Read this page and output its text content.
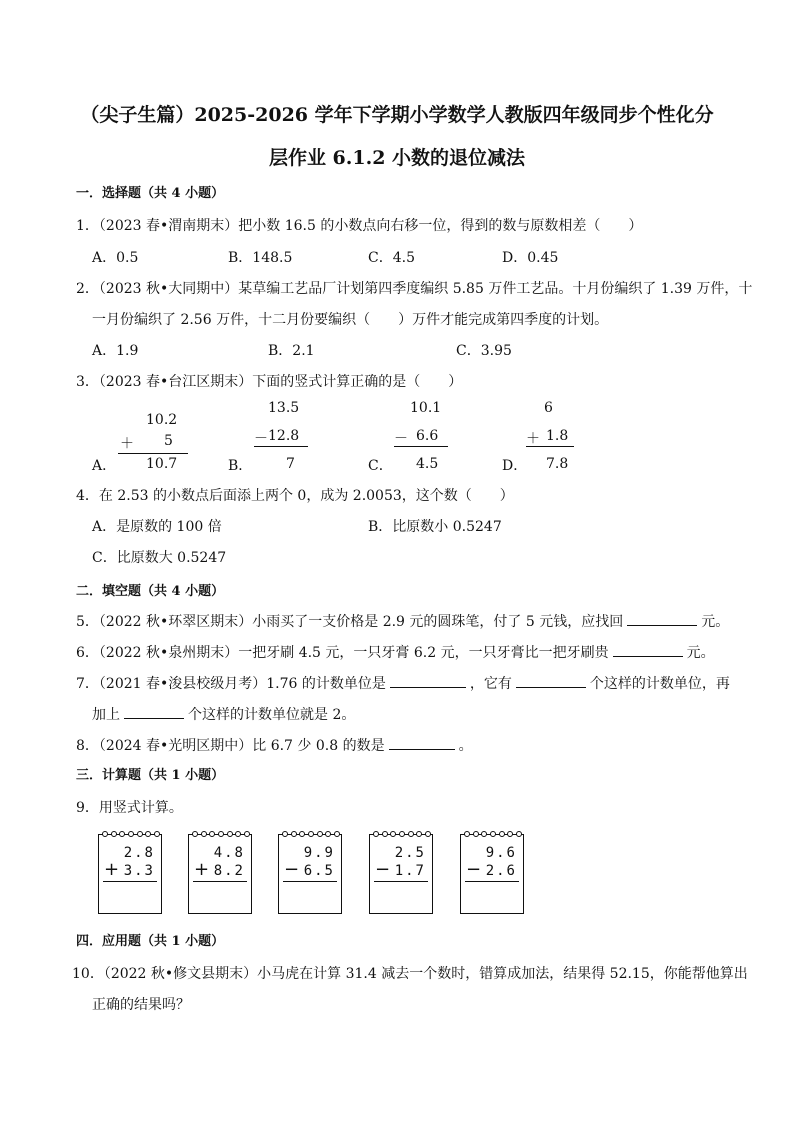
（尖子生篇）2025-2026 学年下学期小学数学人教版四年级同步个性化分
层作业 6.1.2 小数的退位减法
一．选择题（共 4 小题）
1．（2023 春•渭南期末）把小数 16.5 的小数点向右移一位，得到的数与原数相差（　　）
A．0.5	B．148.5	C．4.5	D．0.45
2．（2023 秋•大同期中）某草编工艺品厂计划第四季度编织 5.85 万件工艺品。十月份编织了 1.39 万件，十
一月份编织了 2.56 万件，十二月份要编织（　　）万件才能完成第四季度的计划。
A．1.9	B．2.1	C．3.95
3．（2023 春•台江区期末）下面的竖式计算正确的是（　　）
A．
10.2
＋ 5
10.7	B．
13.5
－ 12.8
7	C．
10.1
－ 6.6
4.5	D．
6
＋ 1.8
7.8
4．在 2.53 的小数点后面添上两个 0，成为 2.0053，这个数（　　）
A．是原数的 100 倍	B．比原数小 0.5247
C．比原数大 0.5247
二．填空题（共 4 小题）
5．（2022 秋•环翠区期末）小雨买了一支价格是 2.9 元的圆珠笔，付了 5 元钱，应找回	元。
6．（2022 秋•泉州期末）一把牙刷 4.5 元，一只牙膏 6.2 元，一只牙膏比一把牙刷贵	元。
7．（2021 春•浚县校级月考）1.76 的计数单位是	，它有	个这样的计数单位，再
加上	个这样的计数单位就是 2。
8．（2024 春•光明区期中）比 6.7 少 0.8 的数是	。
三．计算题（共 1 小题）
9．用竖式计算。
2.8
+ 3.3
4.8
+ 8.2
9.9
− 6.5
2.5
− 1.7
9.6
− 2.6
四．应用题（共 1 小题）
10．（2022 秋•修文县期末）小马虎在计算 31.4 减去一个数时，错算成加法，结果得 52.15，你能帮他算出
正确的结果吗？
